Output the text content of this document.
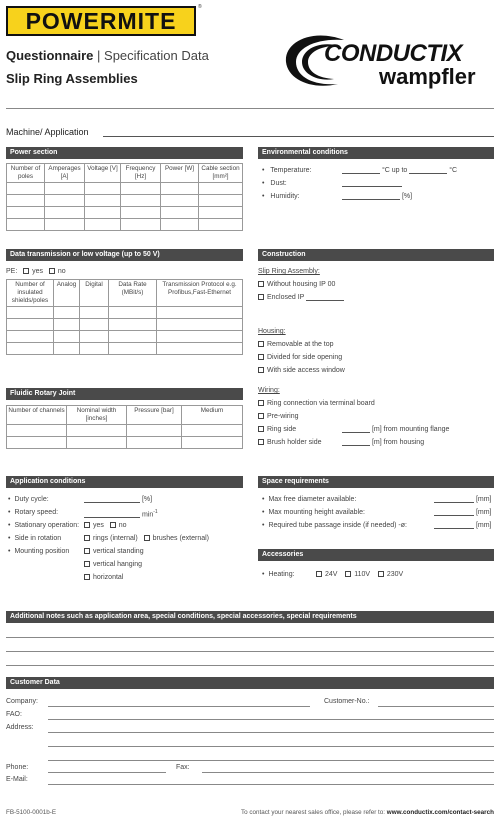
POWERMITE
®
Questionnaire | Specification Data
Slip Ring Assemblies
CONDUCTIX
wampfler
Machine/ Application
Power section
Number of poles	Amperages [A]	Voltage [V]	Frequency [Hz]	Power [W]	Cable section [mm²]

Environmental conditions
• Temperature:	°C up to	°C
• Dust:
• Humidity:	[%]
Data transmission or low voltage (up to 50 V)
PE: yes no
Number of insulated shields/poles	Analog	Digital	Data Rate (MBit/s)	Transmission Protocol e.g. Profibus,Fast-Ethernet

Construction
Slip Ring Assembly:
Without housing IP 00
Enclosed IP
Housing:
Removable at the top
Divided for side opening
With side access window
Wiring:
Ring connection via terminal board
Pre-wiring
Ring side	[m] from mounting flange
Brush holder side	[m] from housing
Fluidic Rotary Joint
Number of channels	Nominal width [inches]	Pressure [bar]	Medium

Application conditions
• Duty cycle:	[%]
• Rotary speed:	$\min^{-1}$
• Stationary operation:	yes no
• Side in rotation	rings (internal) brushes (external)
• Mounting position	vertical standing
vertical hanging
horizontal
Space requirements
• Max free diameter available:	[mm]
• Max mounting height available:	[mm]
• Required tube passage inside (if needed) -ø:	[mm]
Accessories
• Heating:	24V 110V 230V
Additional notes such as application area, special conditions, special accessories, special requirements
Customer Data
Company:	Customer-No.:
FAO:
Address:
Phone:	Fax:
E-Mail:
FB-5100-0001b-E	To contact your nearest sales office, please refer to: www.conductix.com/contact-search
